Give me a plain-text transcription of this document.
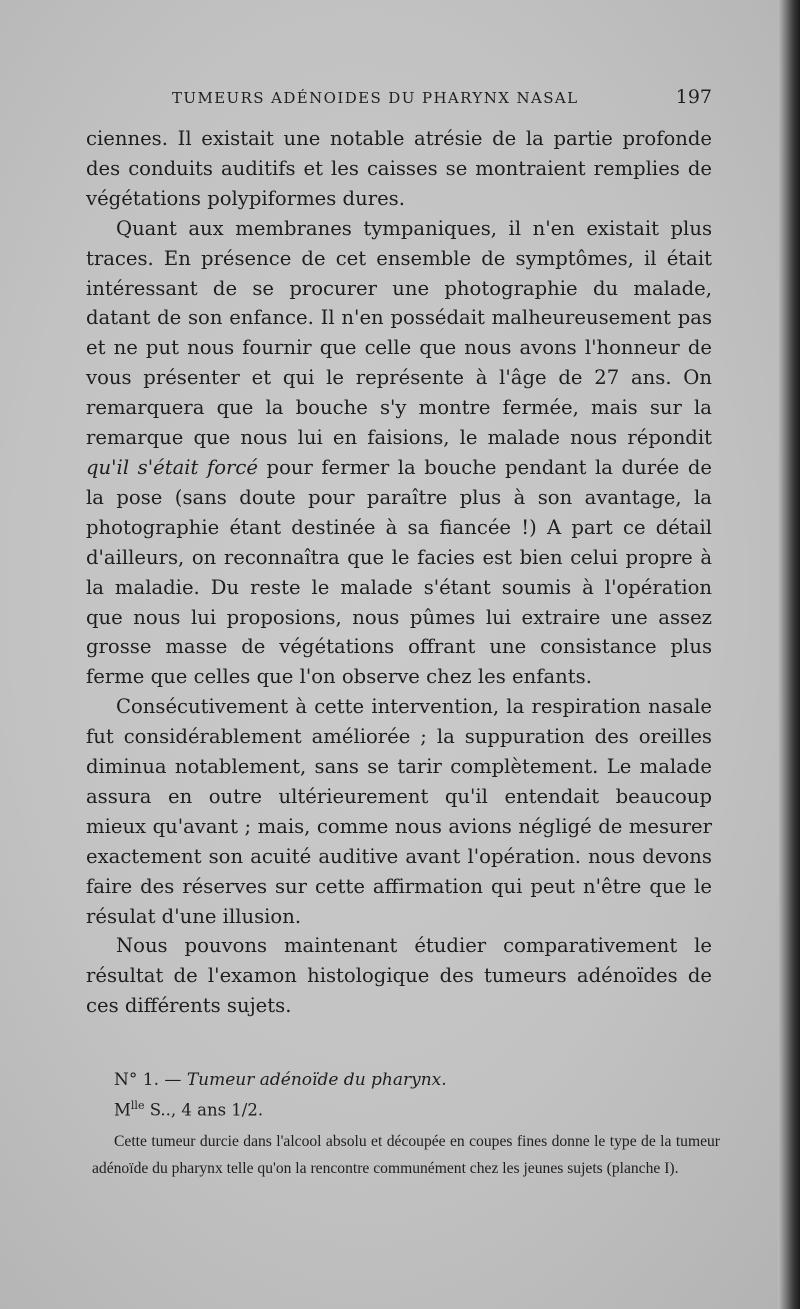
TUMEURS ADÉNOIDES DU PHARYNX NASAL	197

ciennes. Il existait une notable atrésie de la partie profonde des conduits auditifs et les caisses se montraient remplies de végétations polypiformes dures.

Quant aux membranes tympaniques, il n'en existait plus traces. En présence de cet ensemble de symptômes, il était intéressant de se procurer une photographie du malade, datant de son enfance. Il n'en possédait malheureusement pas et ne put nous fournir que celle que nous avons l'honneur de vous présenter et qui le représente à l'âge de 27 ans. On remarquera que la bouche s'y montre fermée, mais sur la remarque que nous lui en faisions, le malade nous répondit qu'il s'était forcé pour fermer la bouche pendant la durée de la pose (sans doute pour paraître plus à son avantage, la photographie étant destinée à sa fiancée !) A part ce détail d'ailleurs, on reconnaîtra que le facies est bien celui propre à la maladie. Du reste le malade s'étant soumis à l'opération que nous lui proposions, nous pûmes lui extraire une assez grosse masse de végétations offrant une consistance plus ferme que celles que l'on observe chez les enfants.

Consécutivement à cette intervention, la respiration nasale fut considérablement améliorée ; la suppuration des oreilles diminua notablement, sans se tarir complètement. Le malade assura en outre ultérieurement qu'il entendait beaucoup mieux qu'avant ; mais, comme nous avions négligé de mesurer exactement son acuité auditive avant l'opération. nous devons faire des réserves sur cette affirmation qui peut n'être que le résulat d'une illusion.

Nous pouvons maintenant étudier comparativement le résultat de l'examon histologique des tumeurs adénoïdes de ces différents sujets.

N° 1. — Tumeur adénoïde du pharynx.

$M^{lle}$ S.., 4 ans 1/2.

Cette tumeur durcie dans l'alcool absolu et découpée en coupes fines donne le type de la tumeur adénoïde du pharynx telle qu'on la rencontre communément chez les jeunes sujets (planche I).
